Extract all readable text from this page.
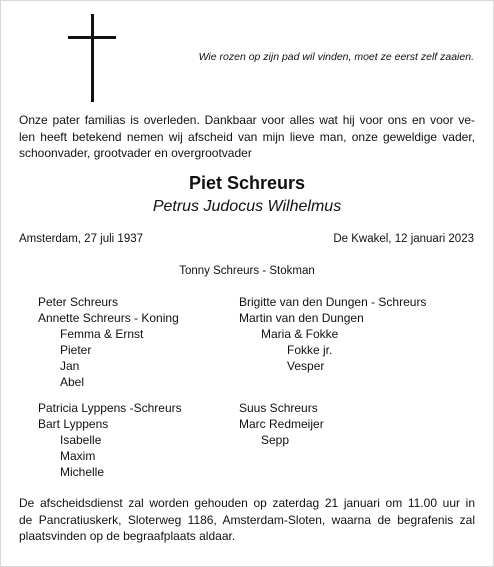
Wie rozen op zijn pad wil vinden, moet ze eerst zelf zaaien.
Onze pater familias is overleden. Dankbaar voor alles wat hij voor ons en voor ve-
len heeft betekend nemen wij afscheid van mijn lieve man, onze geweldige vader,
schoonvader, grootvader en overgrootvader
Piet Schreurs
Petrus Judocus Wilhelmus
Amsterdam, 27 juli 1937	De Kwakel, 12 januari 2023
Tonny Schreurs - Stokman
Peter Schreurs
Annette Schreurs - Koning
Femma & Ernst
Pieter
Jan
Abel
Brigitte van den Dungen - Schreurs
Martin van den Dungen
Maria & Fokke
Fokke jr.
Vesper
Patricia Lyppens -Schreurs
Bart Lyppens
Isabelle
Maxim
Michelle
Suus Schreurs
Marc Redmeijer
Sepp
De afscheidsdienst zal worden gehouden op zaterdag 21 januari om 11.00 uur in
de Pancratiuskerk, Sloterweg 1186, Amsterdam-Sloten, waarna de begrafenis zal
plaatsvinden op de begraafplaats aldaar.
